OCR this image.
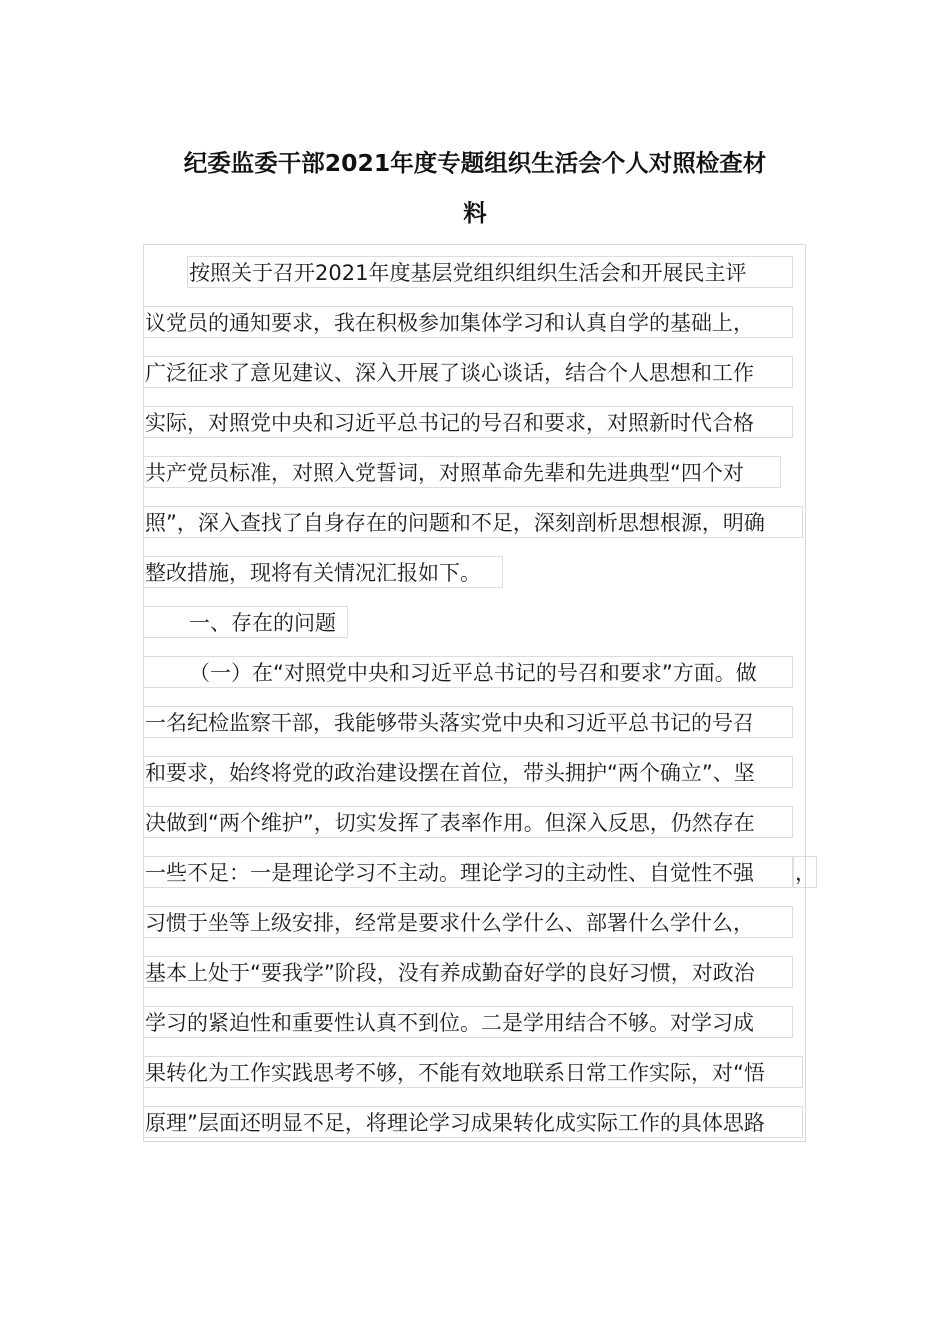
纪委监委干部2021年度专题组织生活会个人对照检查材
料
按照关于召开2021年度基层党组织组织生活会和开展民主评
议党员的通知要求，我在积极参加集体学习和认真自学的基础上，
广泛征求了意见建议、深入开展了谈心谈话，结合个人思想和工作
实际，对照党中央和习近平总书记的号召和要求，对照新时代合格
共产党员标准，对照入党誓词，对照革命先辈和先进典型“四个对
照”，深入查找了自身存在的问题和不足，深刻剖析思想根源，明确
整改措施，现将有关情况汇报如下。
一、存在的问题
（一）在“对照党中央和习近平总书记的号召和要求”方面。做
一名纪检监察干部，我能够带头落实党中央和习近平总书记的号召
和要求，始终将党的政治建设摆在首位，带头拥护“两个确立”、坚
决做到“两个维护”，切实发挥了表率作用。但深入反思，仍然存在
一些不足：一是理论学习不主动。理论学习的主动性、自觉性不强	，
习惯于坐等上级安排，经常是要求什么学什么、部署什么学什么，
基本上处于“要我学”阶段，没有养成勤奋好学的良好习惯，对政治
学习的紧迫性和重要性认真不到位。二是学用结合不够。对学习成
果转化为工作实践思考不够，不能有效地联系日常工作实际，对“悟
原理”层面还明显不足，将理论学习成果转化成实际工作的具体思路
